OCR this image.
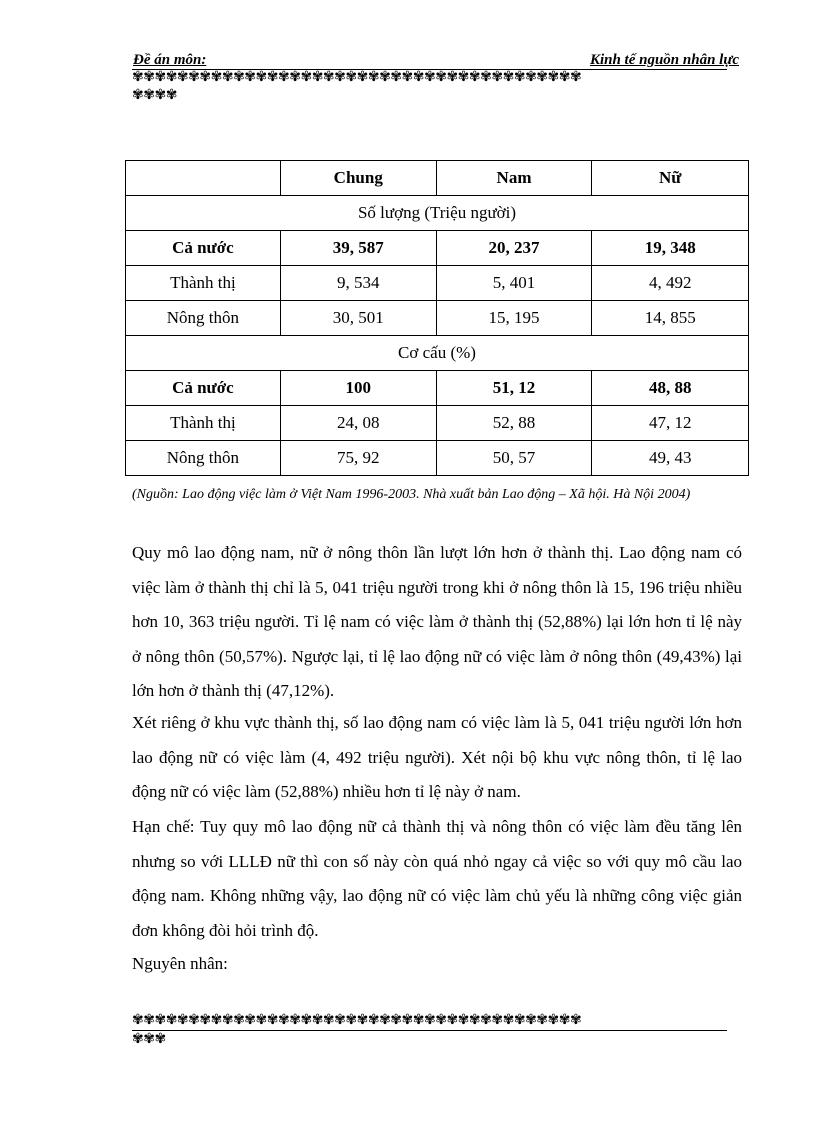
Đề án môn:	Kinh tế nguồn nhân lực
✾✾✾✾✾✾✾✾✾✾✾✾✾✾✾✾✾✾✾✾✾✾✾✾✾✾✾✾✾✾✾✾✾✾✾✾✾✾✾✾
✾✾✾✾
	Chung	Nam	Nữ
Số lượng (Triệu người)			
Cả nước	39, 587	20, 237	19, 348
Thành thị	9, 534	5, 401	4, 492
Nông thôn	30, 501	15, 195	14, 855
Cơ cấu (%)			
Cả nước	100	51, 12	48, 88
Thành thị	24, 08	52, 88	47, 12
Nông thôn	75, 92	50, 57	49, 43
(Nguồn: Lao động việc làm ở Việt Nam 1996-2003. Nhà xuất bản Lao động – Xã hội. Hà Nội 2004)

Quy mô lao động nam, nữ ở nông thôn lần lượt lớn hơn ở thành thị. Lao động nam có việc làm ở thành thị chỉ là 5, 041 triệu người trong khi ở nông thôn là 15, 196 triệu nhiều hơn 10, 363 triệu người. Tỉ lệ nam có việc làm ở thành thị (52,88%) lại lớn hơn tỉ lệ này ở nông thôn (50,57%). Ngược lại, tỉ lệ lao động nữ có việc làm ở nông thôn (49,43%) lại lớn hơn ở thành thị (47,12%).

Xét riêng ở khu vực thành thị, số lao động nam có việc làm là 5, 041 triệu người lớn hơn lao động nữ có việc làm (4, 492 triệu người). Xét nội bộ khu vực nông thôn, tỉ lệ lao động nữ có việc làm (52,88%) nhiều hơn tỉ lệ này ở nam.

Hạn chế: Tuy quy mô lao động nữ cả thành thị và nông thôn có việc làm đều tăng lên nhưng so với LLLĐ nữ thì con số này còn quá nhỏ ngay cả việc so với quy mô cầu lao động nam. Không những vậy, lao động nữ có việc làm chủ yếu là những công việc giản đơn không đòi hỏi trình độ.

Nguyên nhân:

✾✾✾✾✾✾✾✾✾✾✾✾✾✾✾✾✾✾✾✾✾✾✾✾✾✾✾✾✾✾✾✾✾✾✾✾✾✾✾✾
✾✾✾
